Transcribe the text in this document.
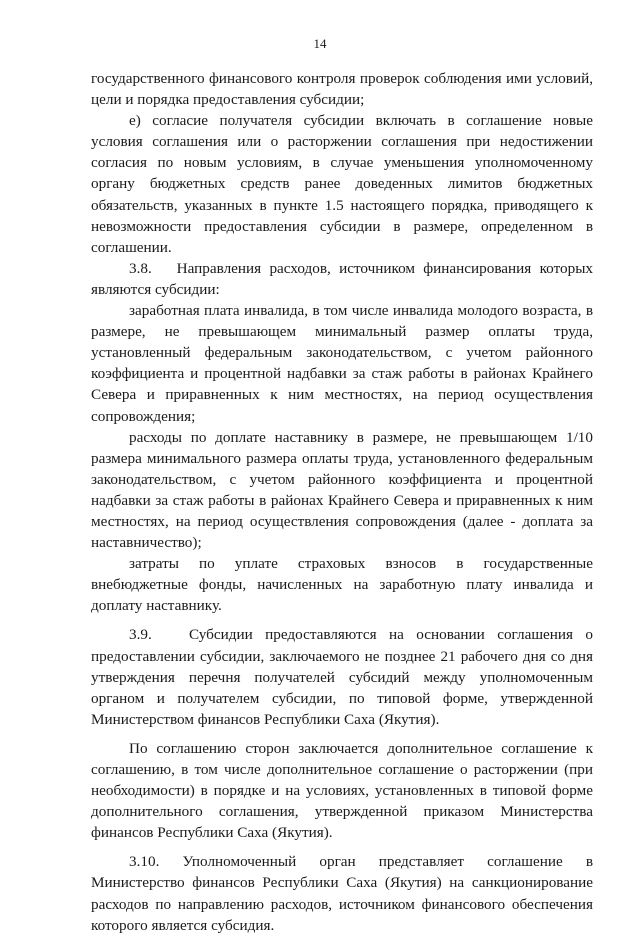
14

государственного финансового контроля проверок соблюдения ими условий, цели и порядка предоставления субсидии;

е) согласие получателя субсидии включать в соглашение новые условия соглашения или о расторжении соглашения при недостижении согласия по новым условиям, в случае уменьшения уполномоченному органу бюджетных средств ранее доведенных лимитов бюджетных обязательств, указанных в пункте 1.5 настоящего порядка, приводящего к невозможности предоставления субсидии в размере, определенном в соглашении.

3.8.   Направления расходов, источником финансирования которых являются субсидии:

заработная плата инвалида, в том числе инвалида молодого возраста, в размере, не превышающем минимальный размер оплаты труда, установленный федеральным законодательством, с учетом районного коэффициента и процентной надбавки за стаж работы в районах Крайнего Севера и приравненных к ним местностях, на период осуществления сопровождения;

расходы по доплате наставнику в размере, не превышающем 1/10 размера минимального размера оплаты труда, установленного федеральным законодательством, с учетом районного коэффициента и процентной надбавки за стаж работы в районах Крайнего Севера и приравненных к ним местностях, на период осуществления сопровождения (далее - доплата за наставничество);

затраты по уплате страховых взносов в государственные внебюджетные фонды, начисленных на заработную плату инвалида и доплату наставнику.

3.9.   Субсидии предоставляются на основании соглашения о предоставлении субсидии, заключаемого не позднее 21 рабочего дня со дня утверждения перечня получателей субсидий между уполномоченным органом и получателем субсидии, по типовой форме, утвержденной Министерством финансов Республики Саха (Якутия).

По соглашению сторон заключается дополнительное соглашение к соглашению, в том числе дополнительное соглашение о расторжении (при необходимости) в порядке и на условиях, установленных в типовой форме дополнительного соглашения, утвержденной приказом Министерства финансов Республики Саха (Якутия).

3.10. Уполномоченный орган представляет соглашение в Министерство финансов Республики Саха (Якутия) на санкционирование расходов по направлению расходов, источником финансового обеспечения которого является субсидия.
